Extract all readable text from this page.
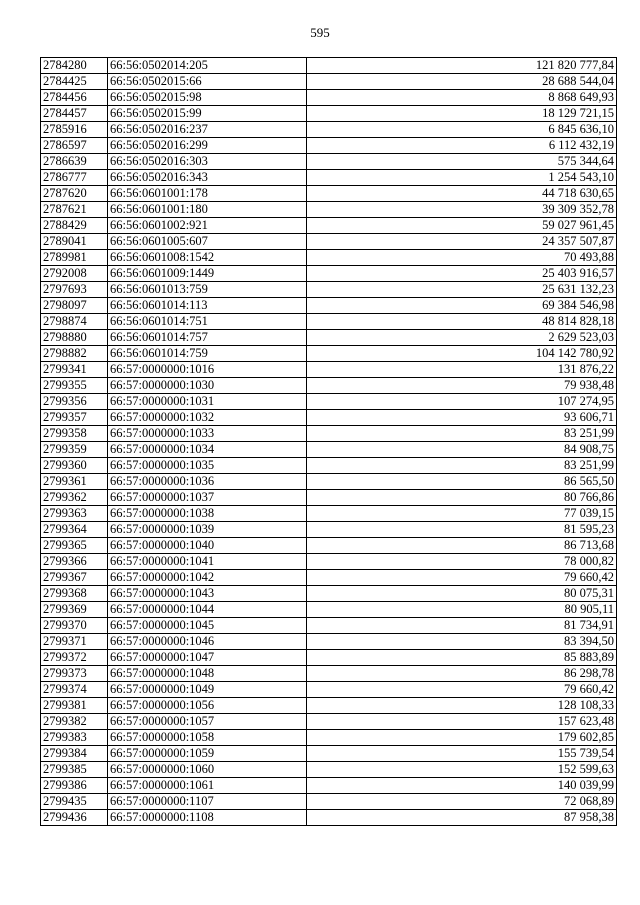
595
2784280	66:56:0502014:205	121 820 777,84
2784425	66:56:0502015:66	28 688 544,04
2784456	66:56:0502015:98	8 868 649,93
2784457	66:56:0502015:99	18 129 721,15
2785916	66:56:0502016:237	6 845 636,10
2786597	66:56:0502016:299	6 112 432,19
2786639	66:56:0502016:303	575 344,64
2786777	66:56:0502016:343	1 254 543,10
2787620	66:56:0601001:178	44 718 630,65
2787621	66:56:0601001:180	39 309 352,78
2788429	66:56:0601002:921	59 027 961,45
2789041	66:56:0601005:607	24 357 507,87
2789981	66:56:0601008:1542	70 493,88
2792008	66:56:0601009:1449	25 403 916,57
2797693	66:56:0601013:759	25 631 132,23
2798097	66:56:0601014:113	69 384 546,98
2798874	66:56:0601014:751	48 814 828,18
2798880	66:56:0601014:757	2 629 523,03
2798882	66:56:0601014:759	104 142 780,92
2799341	66:57:0000000:1016	131 876,22
2799355	66:57:0000000:1030	79 938,48
2799356	66:57:0000000:1031	107 274,95
2799357	66:57:0000000:1032	93 606,71
2799358	66:57:0000000:1033	83 251,99
2799359	66:57:0000000:1034	84 908,75
2799360	66:57:0000000:1035	83 251,99
2799361	66:57:0000000:1036	86 565,50
2799362	66:57:0000000:1037	80 766,86
2799363	66:57:0000000:1038	77 039,15
2799364	66:57:0000000:1039	81 595,23
2799365	66:57:0000000:1040	86 713,68
2799366	66:57:0000000:1041	78 000,82
2799367	66:57:0000000:1042	79 660,42
2799368	66:57:0000000:1043	80 075,31
2799369	66:57:0000000:1044	80 905,11
2799370	66:57:0000000:1045	81 734,91
2799371	66:57:0000000:1046	83 394,50
2799372	66:57:0000000:1047	85 883,89
2799373	66:57:0000000:1048	86 298,78
2799374	66:57:0000000:1049	79 660,42
2799381	66:57:0000000:1056	128 108,33
2799382	66:57:0000000:1057	157 623,48
2799383	66:57:0000000:1058	179 602,85
2799384	66:57:0000000:1059	155 739,54
2799385	66:57:0000000:1060	152 599,63
2799386	66:57:0000000:1061	140 039,99
2799435	66:57:0000000:1107	72 068,89
2799436	66:57:0000000:1108	87 958,38
